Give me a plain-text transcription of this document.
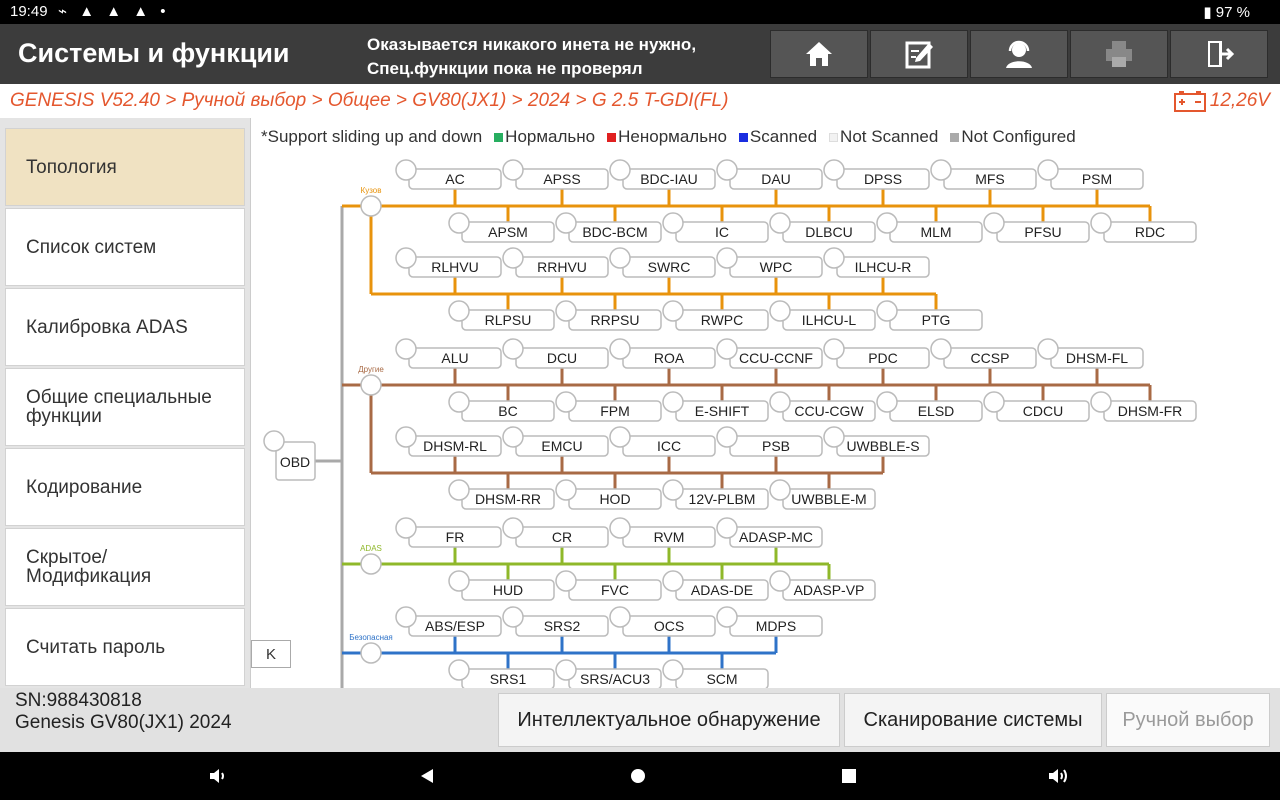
19:49 ⌁ ▲ ▲ ▲ •	▮ 97 %
Системы и функции	Оказывается никакого инета не нужно,
Спец.функции пока не проверял
GENESIS V52.40 > Ручной выбор > Общее > GV80(JX1) > 2024 > G 2.5 T-GDI(FL)	12,26V
Топология
Список систем
Калибровка ADAS
Общие специальные функции
Кодирование
Скрытое/ Модификация
Считать пароль
OBD
AC	APSS	BDC-IAU	DAU	DPSS	MFS	PSM
APSM	BDC-BCM	IC	DLBCU	MLM	PFSU	RDC
RLHVU	RRHVU	SWRC	WPC	ILHCU-R
RLPSU	RRPSU	RWPC	ILHCU-L	PTG
Кузов
ALU	DCU	ROA	CCU-CCNF	PDC	CCSP	DHSM-FL
BC	FPM	E-SHIFT	CCU-CGW	ELSD	CDCU	DHSM-FR
DHSM-RL	EMCU	ICC	PSB	UWBBLE-S
DHSM-RR	HOD	12V-PLBM	UWBBLE-M
Другие
FR	CR	RVM	ADASP-MC
HUD	FVC	ADAS-DE	ADASP-VP
ADAS
ABS/ESP	SRS2	OCS	MDPS
SRS1	SRS/ACU3	SCM
Безопасная
*Support sliding up and down Нормально Ненормально Scanned Not Scanned Not Configured
K
SN:988430818
Genesis GV80(JX1) 2024	Интеллектуальное обнаружение	Сканирование системы	Ручной выбор
